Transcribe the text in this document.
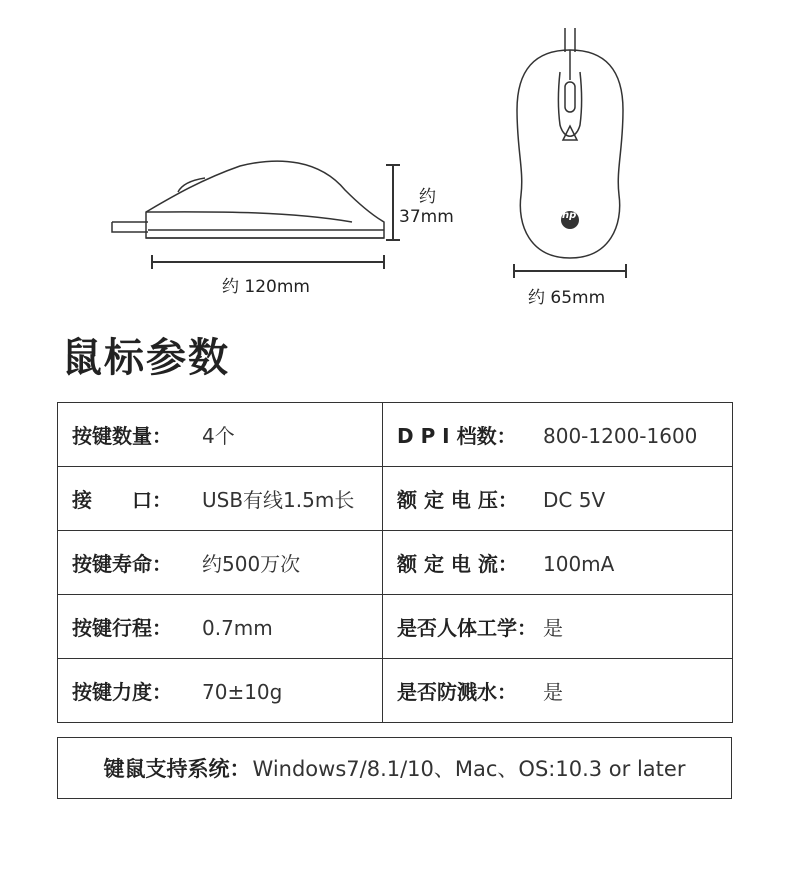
hp
约
37mm
约 120mm
约 65mm
鼠标参数
按键数量： 4个	D P I 档数： 800-1200-1600
接　　口： USB有线1.5m长	额 定 电 压： DC 5V
按键寿命： 约500万次	额 定 电 流： 100mA
按键行程： 0.7mm	是否人体工学： 是
按键力度： 70±10g	是否防溅水： 是
键鼠支持系统： Windows7/8.1/10、Mac、OS:10.3 or later
